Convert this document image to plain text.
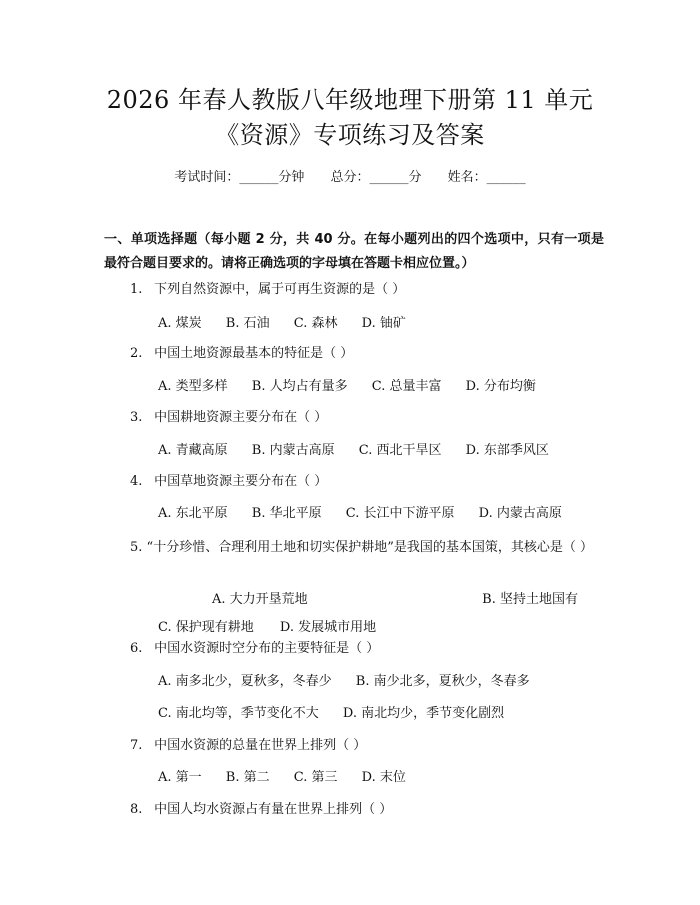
2026 年春人教版八年级地理下册第 11 单元
《资源》专项练习及答案
考试时间：______分钟 总分：______分 姓名：______
一、单项选择题（每小题 2 分，共 40 分。在每小题列出的四个选项中，只有一项是最符合题目要求的。请将正确选项的字母填在答题卡相应位置。）
1. 下列自然资源中，属于可再生资源的是（ ）
A. 煤炭 B. 石油 C. 森林 D. 铀矿
2. 中国土地资源最基本的特征是（ ）
A. 类型多样 B. 人均占有量多 C. 总量丰富 D. 分布均衡
3. 中国耕地资源主要分布在（ ）
A. 青藏高原 B. 内蒙古高原 C. 西北干旱区 D. 东部季风区
4. 中国草地资源主要分布在（ ）
A. 东北平原 B. 华北平原 C. 长江中下游平原 D. 内蒙古高原
5. “十分珍惜、合理利用土地和切实保护耕地”是我国的基本国策，其核心是（ ）
A. 大力开垦荒地	B. 坚持土地国有 C. 保护现有耕地 D. 发展城市用地
6. 中国水资源时空分布的主要特征是（ ）
A. 南多北少，夏秋多，冬春少 B. 南少北多，夏秋少，冬春多
C. 南北均等，季节变化不大 D. 南北均少，季节变化剧烈
7. 中国水资源的总量在世界上排列（ ）
A. 第一 B. 第二 C. 第三 D. 末位
8. 中国人均水资源占有量在世界上排列（ ）
